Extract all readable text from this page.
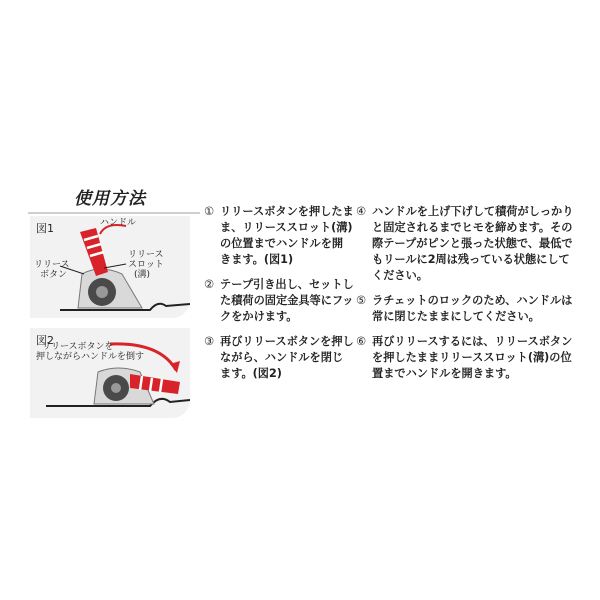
使用方法
図1	ハンドル
リリース
ボタン
リリース
スロット
(溝)
図2
リリースボタンを
押しながらハンドルを倒す
① リリースボタンを押したまま、リリーススロット(溝)の位置までハンドルを開きます。(図1)
② テープ引き出し、セットした積荷の固定金具等にフックをかけます。
③ 再びリリースボタンを押しながら、ハンドルを閉じます。(図2)
④ ハンドルを上げ下げして積荷がしっかりと固定されるまでヒモを締めます。その際テープがピンと張った状態で、最低でもリールに2周は残っている状態にしてください。
⑤ ラチェットのロックのため、ハンドルは常に閉じたままにしてください。
⑥ 再びリリースするには、リリースボタンを押したままリリーススロット(溝)の位置までハンドルを開きます。
